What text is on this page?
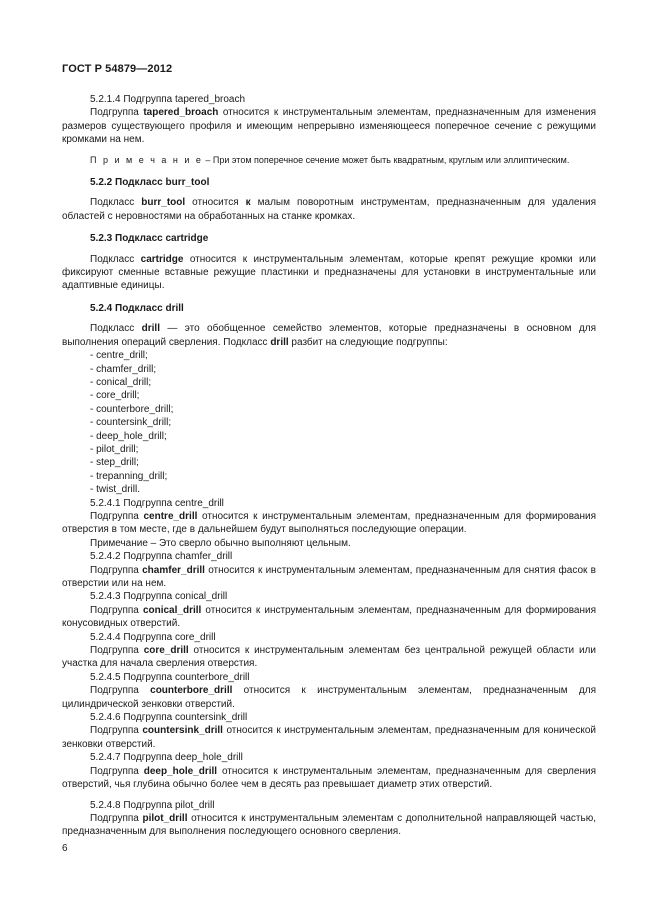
ГОСТ Р 54879—2012

5.2.1.4 Подгруппа tapered_broach

Подгруппа tapered_broach относится к инструментальным элементам, предназначенным для изменения размеров существующего профиля и имеющим непрерывно изменяющееся поперечное сечение с режущими кромками на нем.

П р и м е ч а н и е – При этом поперечное сечение может быть квадратным, круглым или эллиптическим.

5.2.2 Подкласс burr_tool

Подкласс burr_tool относится к малым поворотным инструментам, предназначенным для удаления областей с неровностями на обработанных на станке кромках.

5.2.3 Подкласс cartridge

Подкласс cartridge относится к инструментальным элементам, которые крепят режущие кромки или фиксируют сменные вставные режущие пластинки и предназначены для установки в инструментальные или адаптивные единицы.

5.2.4 Подкласс drill

Подкласс drill — это обобщенное семейство элементов, которые предназначены в основном для выполнения операций сверления. Подкласс drill разбит на следующие подгруппы:

- centre_drill;

- chamfer_drill;

- conical_drill;

- core_drill;

- counterbore_drill;

- countersink_drill;

- deep_hole_drill;

- pilot_drill;

- step_drill;

- trepanning_drill;

- twist_drill.

5.2.4.1 Подгруппа centre_drill

Подгруппа centre_drill относится к инструментальным элементам, предназначенным для формирования отверстия в том месте, где в дальнейшем будут выполняться последующие операции.

Примечание – Это сверло обычно выполняют цельным.

5.2.4.2 Подгруппа chamfer_drill

Подгруппа chamfer_drill относится к инструментальным элементам, предназначенным для снятия фасок в отверстии или на нем.

5.2.4.3 Подгруппа conical_drill

Подгруппа conical_drill относится к инструментальным элементам, предназначенным для формирования конусовидных отверстий.

5.2.4.4 Подгруппа core_drill

Подгруппа core_drill относится к инструментальным элементам без центральной режущей области или участка для начала сверления отверстия.

5.2.4.5 Подгруппа counterbore_drill

Подгруппа counterbore_drill относится к инструментальным элементам, предназначенным для цилиндрической зенковки отверстий.

5.2.4.6 Подгруппа countersink_drill

Подгруппа countersink_drill относится к инструментальным элементам, предназначенным для конической зенковки отверстий.

5.2.4.7 Подгруппа deep_hole_drill

Подгруппа deep_hole_drill относится к инструментальным элементам, предназначенным для сверления отверстий, чья глубина обычно более чем в десять раз превышает диаметр этих отверстий.

5.2.4.8 Подгруппа pilot_drill

Подгруппа pilot_drill относится к инструментальным элементам с дополнительной направляющей частью, предназначенным для выполнения последующего основного сверления.

6
